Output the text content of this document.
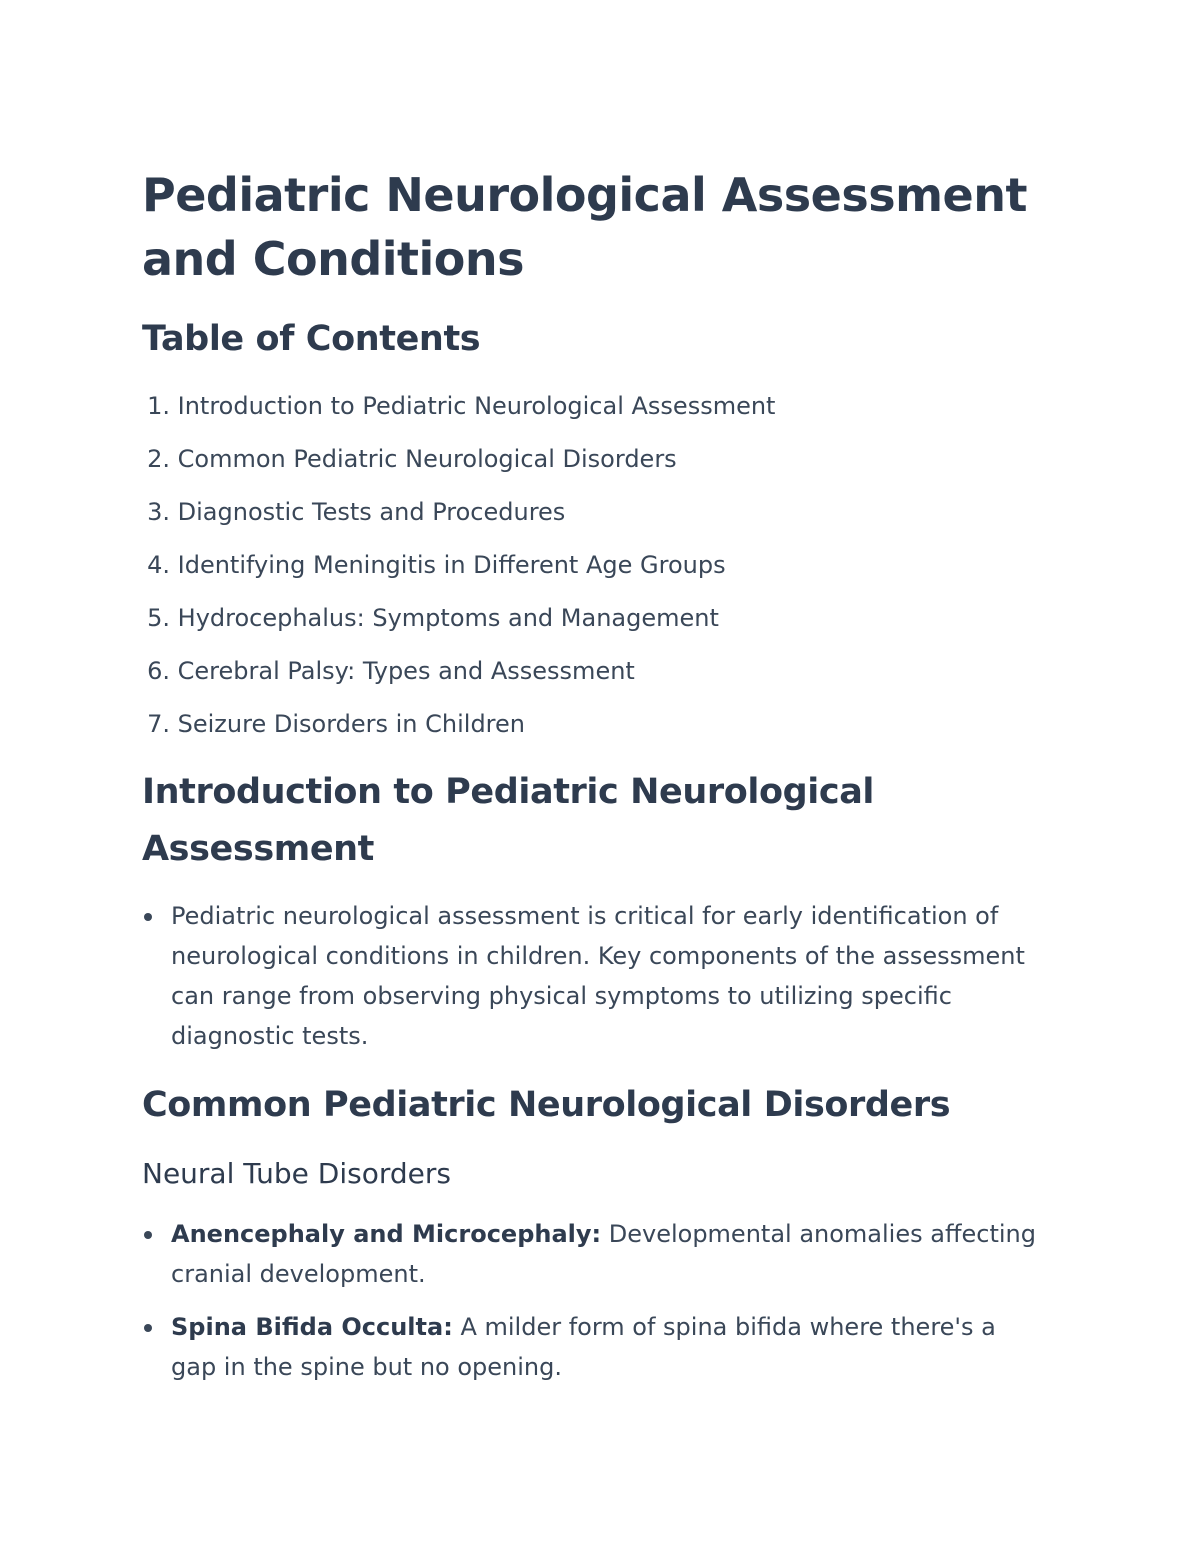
Pediatric Neurological Assessment and Conditions
Table of Contents
1. Introduction to Pediatric Neurological Assessment
2. Common Pediatric Neurological Disorders
3. Diagnostic Tests and Procedures
4. Identifying Meningitis in Different Age Groups
5. Hydrocephalus: Symptoms and Management
6. Cerebral Palsy: Types and Assessment
7. Seizure Disorders in Children
Introduction to Pediatric Neurological Assessment
Pediatric neurological assessment is critical for early identification of neurological conditions in children. Key components of the assessment can range from observing physical symptoms to utilizing specific diagnostic tests.
Common Pediatric Neurological Disorders
Neural Tube Disorders
Anencephaly and Microcephaly: Developmental anomalies affecting cranial development.
Spina Bifida Occulta: A milder form of spina bifida where there's a gap in the spine but no opening.
